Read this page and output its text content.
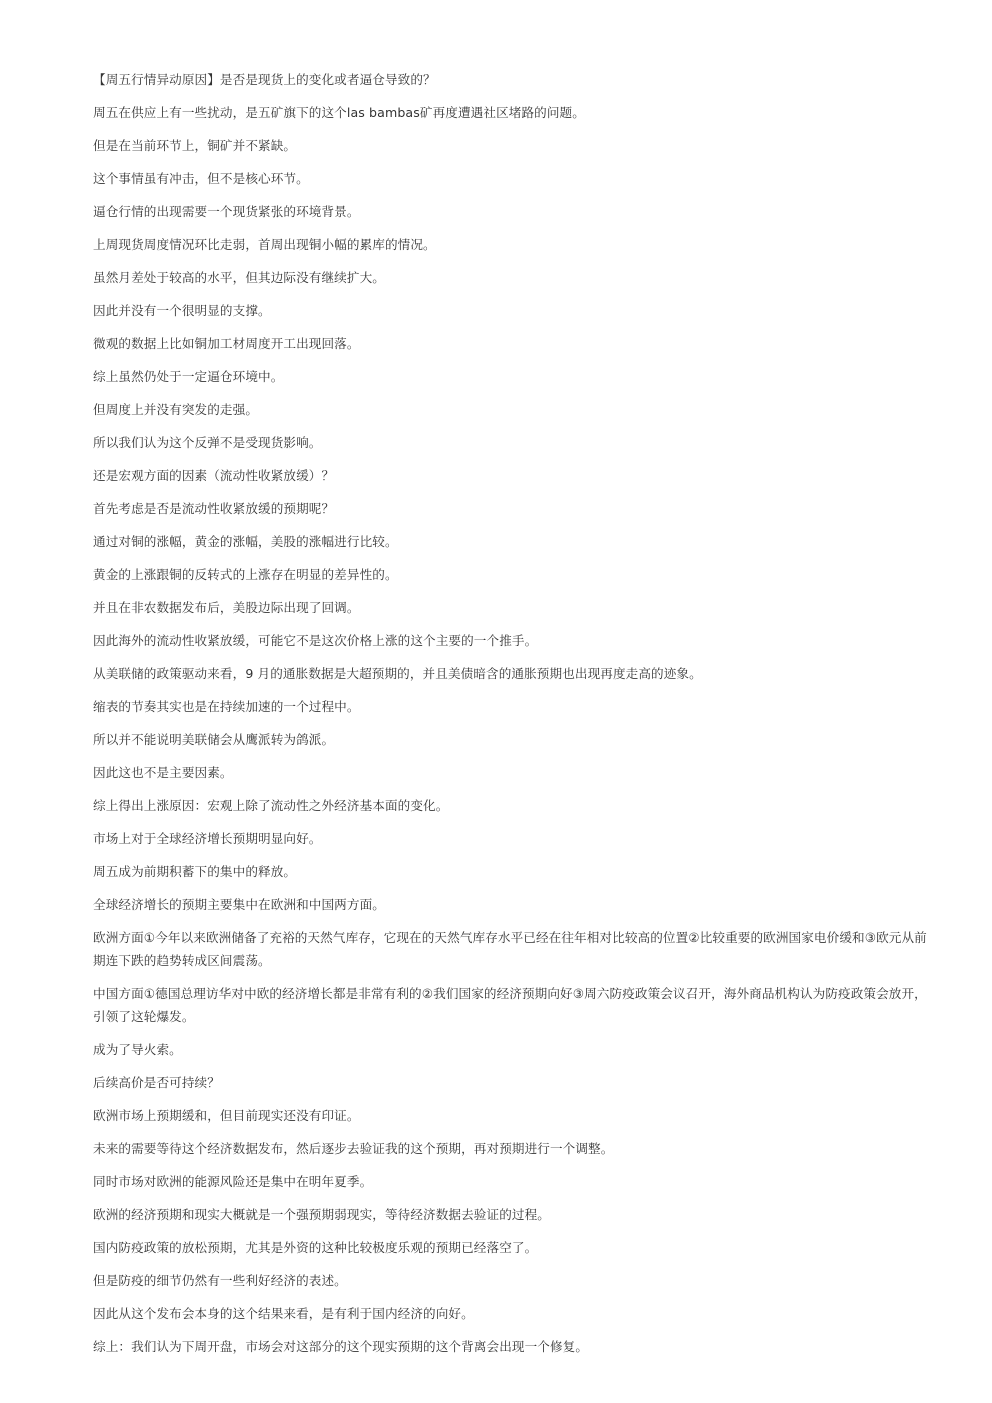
【周五行情异动原因】是否是现货上的变化或者逼仓导致的？

周五在供应上有一些扰动，是五矿旗下的这个las bambas矿再度遭遇社区堵路的问题。

但是在当前环节上，铜矿并不紧缺。

这个事情虽有冲击，但不是核心环节。

逼仓行情的出现需要一个现货紧张的环境背景。

上周现货周度情况环比走弱，首周出现铜小幅的累库的情况。

虽然月差处于较高的水平，但其边际没有继续扩大。

因此并没有一个很明显的支撑。

微观的数据上比如铜加工材周度开工出现回落。

综上虽然仍处于一定逼仓环境中。

但周度上并没有突发的走强。

所以我们认为这个反弹不是受现货影响。

还是宏观方面的因素（流动性收紧放缓）？

首先考虑是否是流动性收紧放缓的预期呢？

通过对铜的涨幅，黄金的涨幅，美股的涨幅进行比较。

黄金的上涨跟铜的反转式的上涨存在明显的差异性的。

并且在非农数据发布后，美股边际出现了回调。

因此海外的流动性收紧放缓，可能它不是这次价格上涨的这个主要的一个推手。

从美联储的政策驱动来看，9 月的通胀数据是大超预期的，并且美债暗含的通胀预期也出现再度走高的迹象。

缩表的节奏其实也是在持续加速的一个过程中。

所以并不能说明美联储会从鹰派转为鸽派。

因此这也不是主要因素。

综上得出上涨原因：宏观上除了流动性之外经济基本面的变化。

市场上对于全球经济增长预期明显向好。

周五成为前期积蓄下的集中的释放。

全球经济增长的预期主要集中在欧洲和中国两方面。

欧洲方面①今年以来欧洲储备了充裕的天然气库存，它现在的天然气库存水平已经在往年相对比较高的位置②比较重要的欧洲国家电价缓和③欧元从前期连下跌的趋势转成区间震荡。

中国方面①德国总理访华对中欧的经济增长都是非常有利的②我们国家的经济预期向好③周六防疫政策会议召开，海外商品机构认为防疫政策会放开，引领了这轮爆发。

成为了导火索。

后续高价是否可持续？

欧洲市场上预期缓和，但目前现实还没有印证。

未来的需要等待这个经济数据发布，然后逐步去验证我的这个预期，再对预期进行一个调整。

同时市场对欧洲的能源风险还是集中在明年夏季。

欧洲的经济预期和现实大概就是一个强预期弱现实，等待经济数据去验证的过程。

国内防疫政策的放松预期，尤其是外资的这种比较极度乐观的预期已经落空了。

但是防疫的细节仍然有一些利好经济的表述。

因此从这个发布会本身的这个结果来看，是有利于国内经济的向好。

综上：我们认为下周开盘，市场会对这部分的这个现实预期的这个背离会出现一个修复。
